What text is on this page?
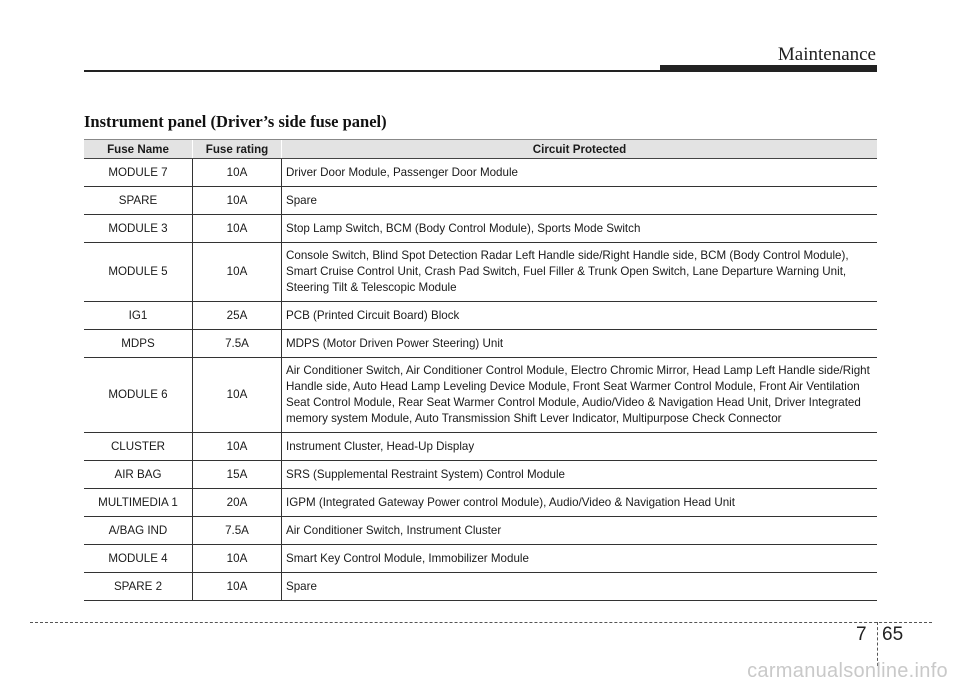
Maintenance
Instrument panel (Driver’s side fuse panel)
Fuse Name	Fuse rating	Circuit Protected
MODULE 7	10A	Driver Door Module, Passenger Door Module
SPARE	10A	Spare
MODULE 3	10A	Stop Lamp Switch, BCM (Body Control Module), Sports Mode Switch
MODULE 5	10A	Console Switch, Blind Spot Detection Radar Left Handle side/Right Handle side, BCM (Body Control Module), Smart Cruise Control Unit, Crash Pad Switch, Fuel Filler & Trunk Open Switch, Lane Departure Warning Unit, Steering Tilt & Telescopic Module
IG1	25A	PCB (Printed Circuit Board) Block
MDPS	7.5A	MDPS (Motor Driven Power Steering) Unit
MODULE 6	10A	Air Conditioner Switch, Air Conditioner Control Module, Electro Chromic Mirror, Head Lamp Left Handle side/Right Handle side, Auto Head Lamp Leveling Device Module, Front Seat Warmer Control Module, Front Air Ventilation Seat Control Module, Rear Seat Warmer Control Module, Audio/Video & Navigation Head Unit, Driver Integrated memory system Module, Auto Transmission Shift Lever Indicator, Multipurpose Check Connector
CLUSTER	10A	Instrument Cluster, Head-Up Display
AIR BAG	15A	SRS (Supplemental Restraint System) Control Module
MULTIMEDIA 1	20A	IGPM (Integrated Gateway Power control Module), Audio/Video & Navigation Head Unit
A/BAG IND	7.5A	Air Conditioner Switch, Instrument Cluster
MODULE 4	10A	Smart Key Control Module, Immobilizer Module
SPARE 2	10A	Spare
7 65
carmanualsonline.info
